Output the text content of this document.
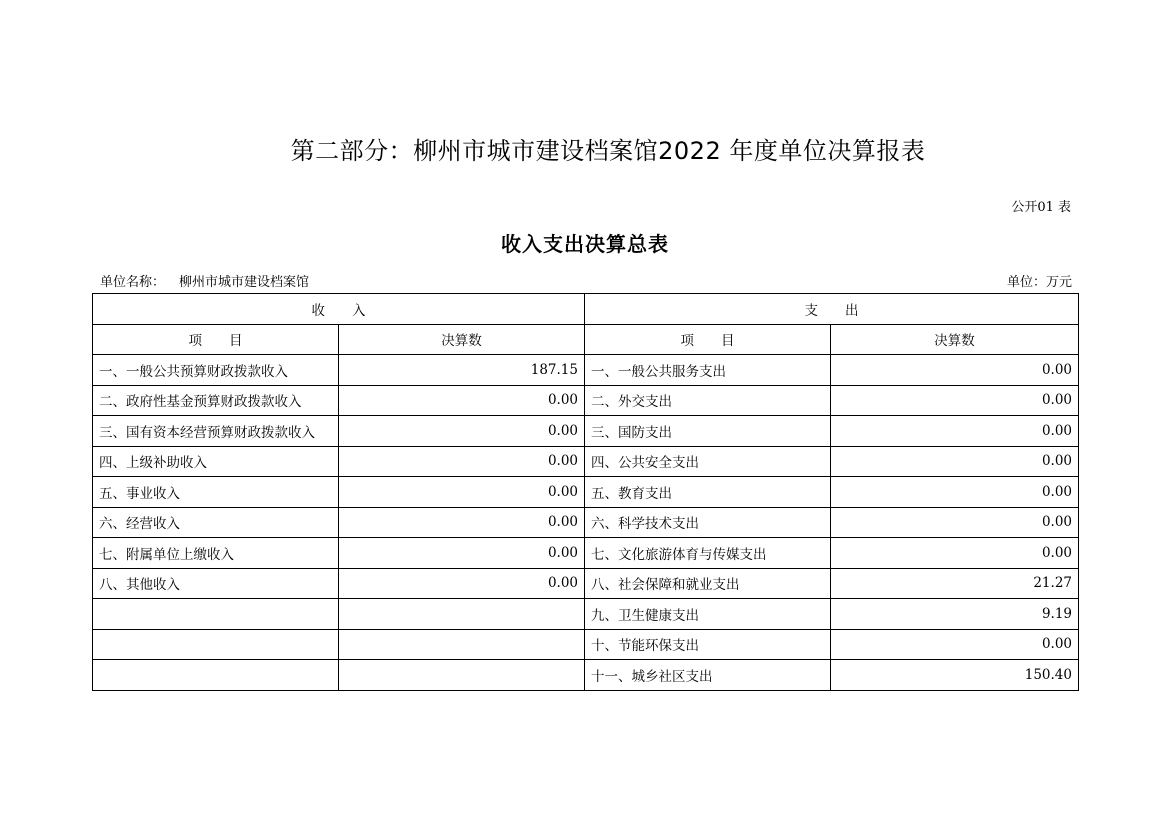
第二部分：柳州市城市建设档案馆2022 年度单位决算报表
公开01 表
收入支出决算总表
单位名称： 柳州市城市建设档案馆	单位：万元
收　　入		支　　出	
项　　目	决算数	项　　目	决算数
一、一般公共预算财政拨款收入	187.15	一、一般公共服务支出	0.00
二、政府性基金预算财政拨款收入	0.00	二、外交支出	0.00
三、国有资本经营预算财政拨款收入	0.00	三、国防支出	0.00
四、上级补助收入	0.00	四、公共安全支出	0.00
五、事业收入	0.00	五、教育支出	0.00
六、经营收入	0.00	六、科学技术支出	0.00
七、附属单位上缴收入	0.00	七、文化旅游体育与传媒支出	0.00
八、其他收入	0.00	八、社会保障和就业支出	21.27
		九、卫生健康支出	9.19
		十、节能环保支出	0.00
		十一、城乡社区支出	150.40
